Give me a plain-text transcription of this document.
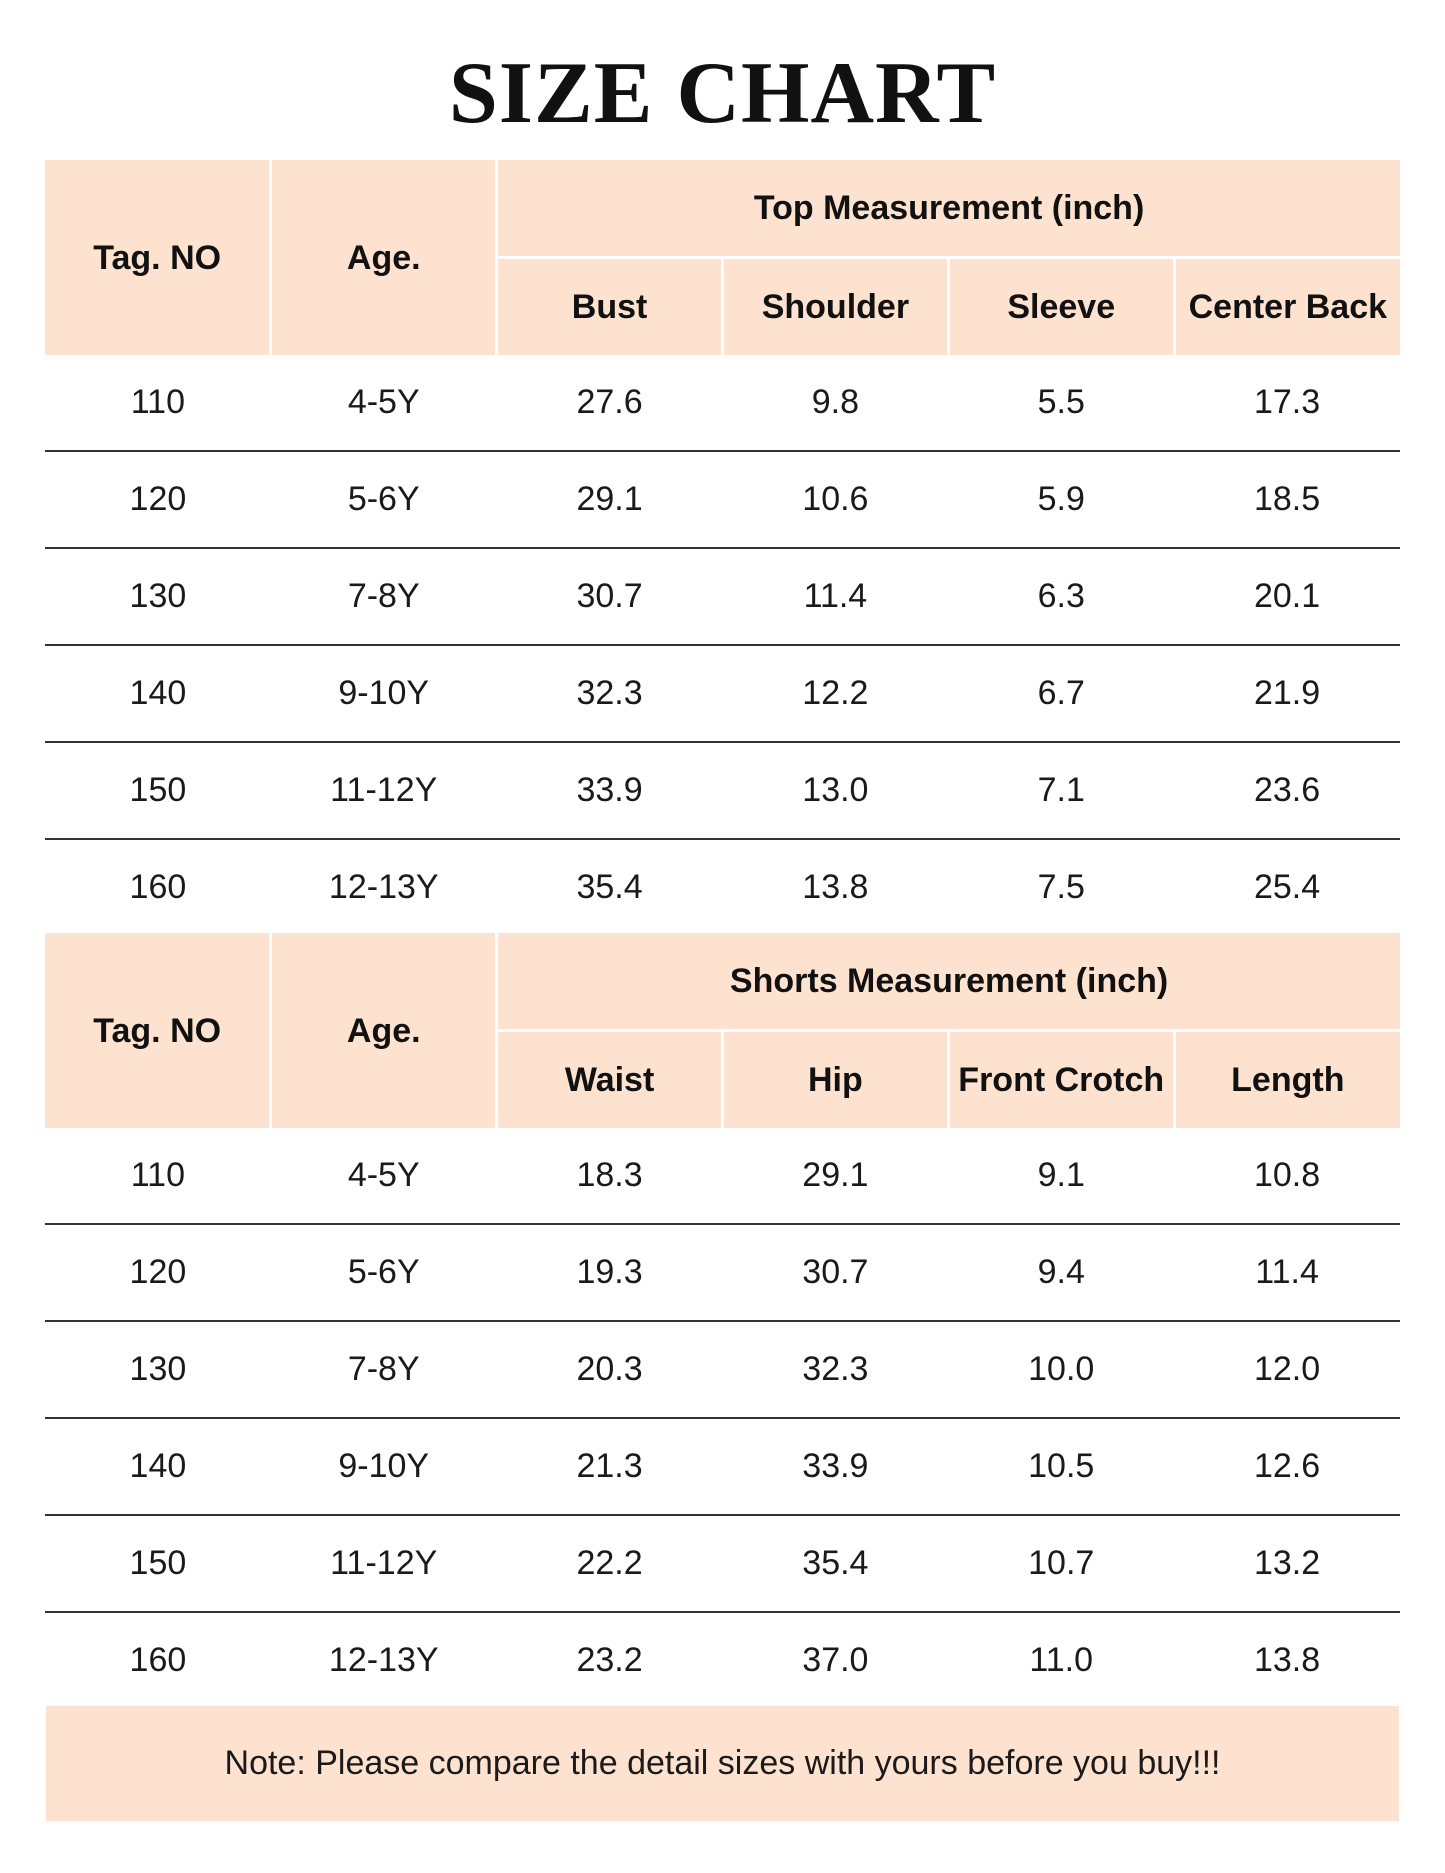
SIZE CHART
Tag. NO	Age.	Top Measurement (inch)			
		Bust	Shoulder	Sleeve	Center Back
110	4-5Y	27.6	9.8	5.5	17.3
120	5-6Y	29.1	10.6	5.9	18.5
130	7-8Y	30.7	11.4	6.3	20.1
140	9-10Y	32.3	12.2	6.7	21.9
150	11-12Y	33.9	13.0	7.1	23.6
160	12-13Y	35.4	13.8	7.5	25.4
Tag. NO	Age.	Shorts Measurement (inch)			
		Waist	Hip	Front Crotch	Length
110	4-5Y	18.3	29.1	9.1	10.8
120	5-6Y	19.3	30.7	9.4	11.4
130	7-8Y	20.3	32.3	10.0	12.0
140	9-10Y	21.3	33.9	10.5	12.6
150	11-12Y	22.2	35.4	10.7	13.2
160	12-13Y	23.2	37.0	11.0	13.8
Note: Please compare the detail sizes with yours before you buy!!!
